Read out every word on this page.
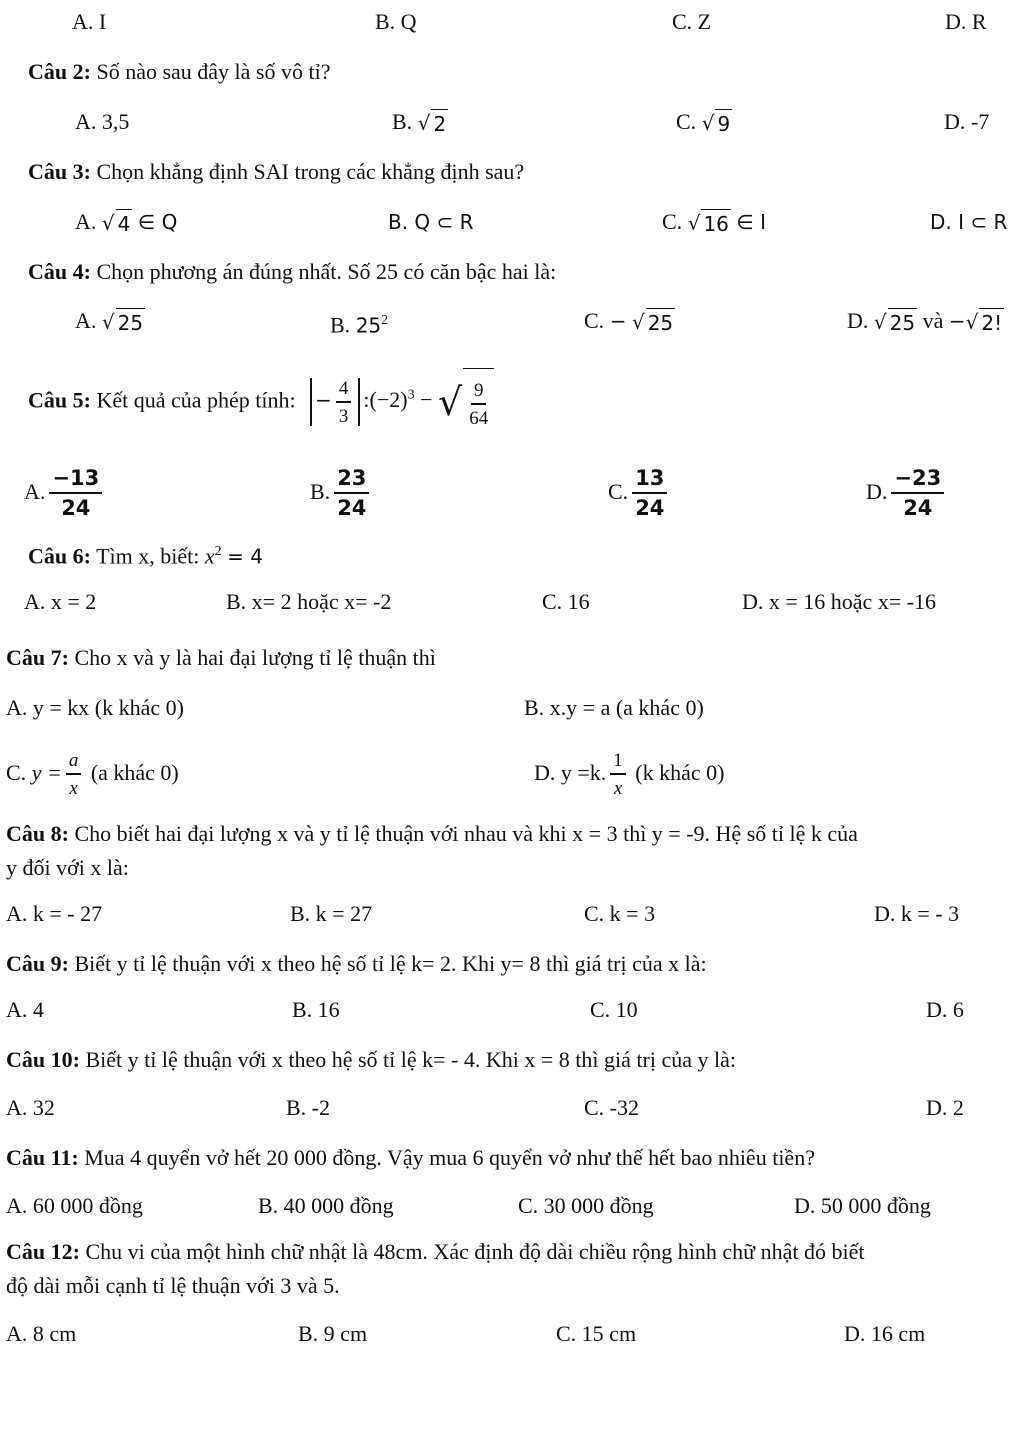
A. I	B. Q	C. Z	D. R
Câu 2: Số nào sau đây là số vô tỉ?
A. 3,5	B. √ 2	C. √ 9	D. -7
Câu 3: Chọn khẳng định SAI trong các khẳng định sau?
A. √ 4 ∈ Q	B. Q ⊂ R	C. √ 16 ∈ I	D. I ⊂ R
Câu 4: Chọn phương án đúng nhất. Số 25 có căn bậc hai là:
A. √ 25	B. $25^2$	C. − √ 25	D. √ 25 và − √ 2!
Câu 5: Kết quả của phép tính: − $\frac{4}{3}$ $:(-2)^3$ − √ $\frac{9}{64}$
A. $\frac{-13}{24}$	B. $\frac{23}{24}$	C. $\frac{13}{24}$	D. $\frac{-23}{24}$
Câu 6: Tìm x, biết: $x^2 = 4$
A. x = 2	B. x= 2 hoặc x= -2	C. 16	D. x = 16 hoặc x= -16
Câu 7: Cho x và y là hai đại lượng tỉ lệ thuận thì
A. y = kx (k khác 0)	B. x.y = a (a khác 0)
C. $y = \frac{a}{x} (a$ khác 0)	D. y =k. $\frac{1}{x} (k$ khác 0)
Câu 8: Cho biết hai đại lượng x và y tỉ lệ thuận với nhau và khi x = 3 thì y = -9. Hệ số tỉ lệ k của
y đối với x là:
A. k = - 27	B. k = 27	C. k = 3	D. k = - 3
Câu 9: Biết y tỉ lệ thuận với x theo hệ số tỉ lệ k= 2. Khi y= 8 thì giá trị của x là:
A. 4	B. 16	C. 10	D. 6
Câu 10: Biết y tỉ lệ thuận với x theo hệ số tỉ lệ k= - 4. Khi x = 8 thì giá trị của y là:
A. 32	B. -2	C. -32	D. 2
Câu 11: Mua 4 quyển vở hết 20 000 đồng. Vậy mua 6 quyển vở như thế hết bao nhiêu tiền?
A. 60 000 đồng	B. 40 000 đồng	C. 30 000 đồng	D. 50 000 đồng
Câu 12: Chu vi của một hình chữ nhật là 48cm. Xác định độ dài chiều rộng hình chữ nhật đó biết
độ dài mỗi cạnh tỉ lệ thuận với 3 và 5.
A. 8 cm	B. 9 cm	C. 15 cm	D. 16 cm
